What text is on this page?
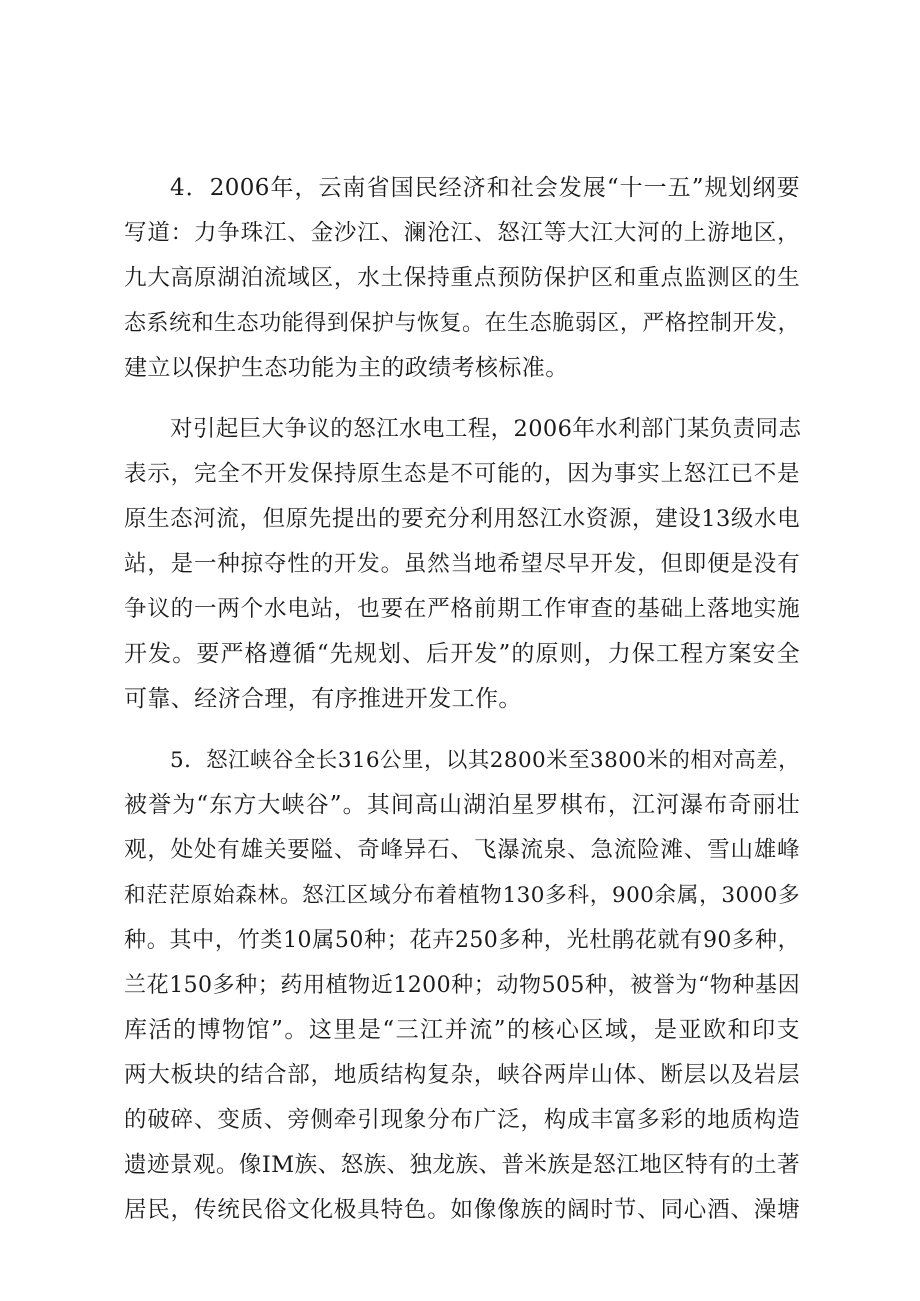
4．2006年，云南省国民经济和社会发展“十一五”规划纲要
写道：力争珠江、金沙江、澜沧江、怒江等大江大河的上游地区，
九大高原湖泊流域区，水土保持重点预防保护区和重点监测区的生
态系统和生态功能得到保护与恢复。在生态脆弱区，严格控制开发，
建立以保护生态功能为主的政绩考核标准。
对引起巨大争议的怒江水电工程，2006年水利部门某负责同志
表示，完全不开发保持原生态是不可能的，因为事实上怒江已不是
原生态河流，但原先提出的要充分利用怒江水资源，建设13级水电
站，是一种掠夺性的开发。虽然当地希望尽早开发，但即便是没有
争议的一两个水电站，也要在严格前期工作审查的基础上落地实施
开发。要严格遵循“先规划、后开发”的原则，力保工程方案安全
可靠、经济合理，有序推进开发工作。
5．怒江峡谷全长316公里，以其2800米至3800米的相对高差，
被誉为“东方大峡谷”。其间高山湖泊星罗棋布，江河瀑布奇丽壮
观，处处有雄关要隘、奇峰异石、飞瀑流泉、急流险滩、雪山雄峰
和茫茫原始森林。怒江区域分布着植物130多科，900余属，3000多
种。其中，竹类10属50种；花卉250多种，光杜鹃花就有90多种，
兰花150多种；药用植物近1200种；动物505种，被誉为“物种基因
库活的博物馆”。这里是“三江并流”的核心区域，是亚欧和印支
两大板块的结合部，地质结构复杂，峡谷两岸山体、断层以及岩层
的破碎、变质、旁侧牵引现象分布广泛，构成丰富多彩的地质构造
遗迹景观。像IM族、怒族、独龙族、普米族是怒江地区特有的土著
居民，传统民俗文化极具特色。如像像族的阔时节、同心酒、澡塘
